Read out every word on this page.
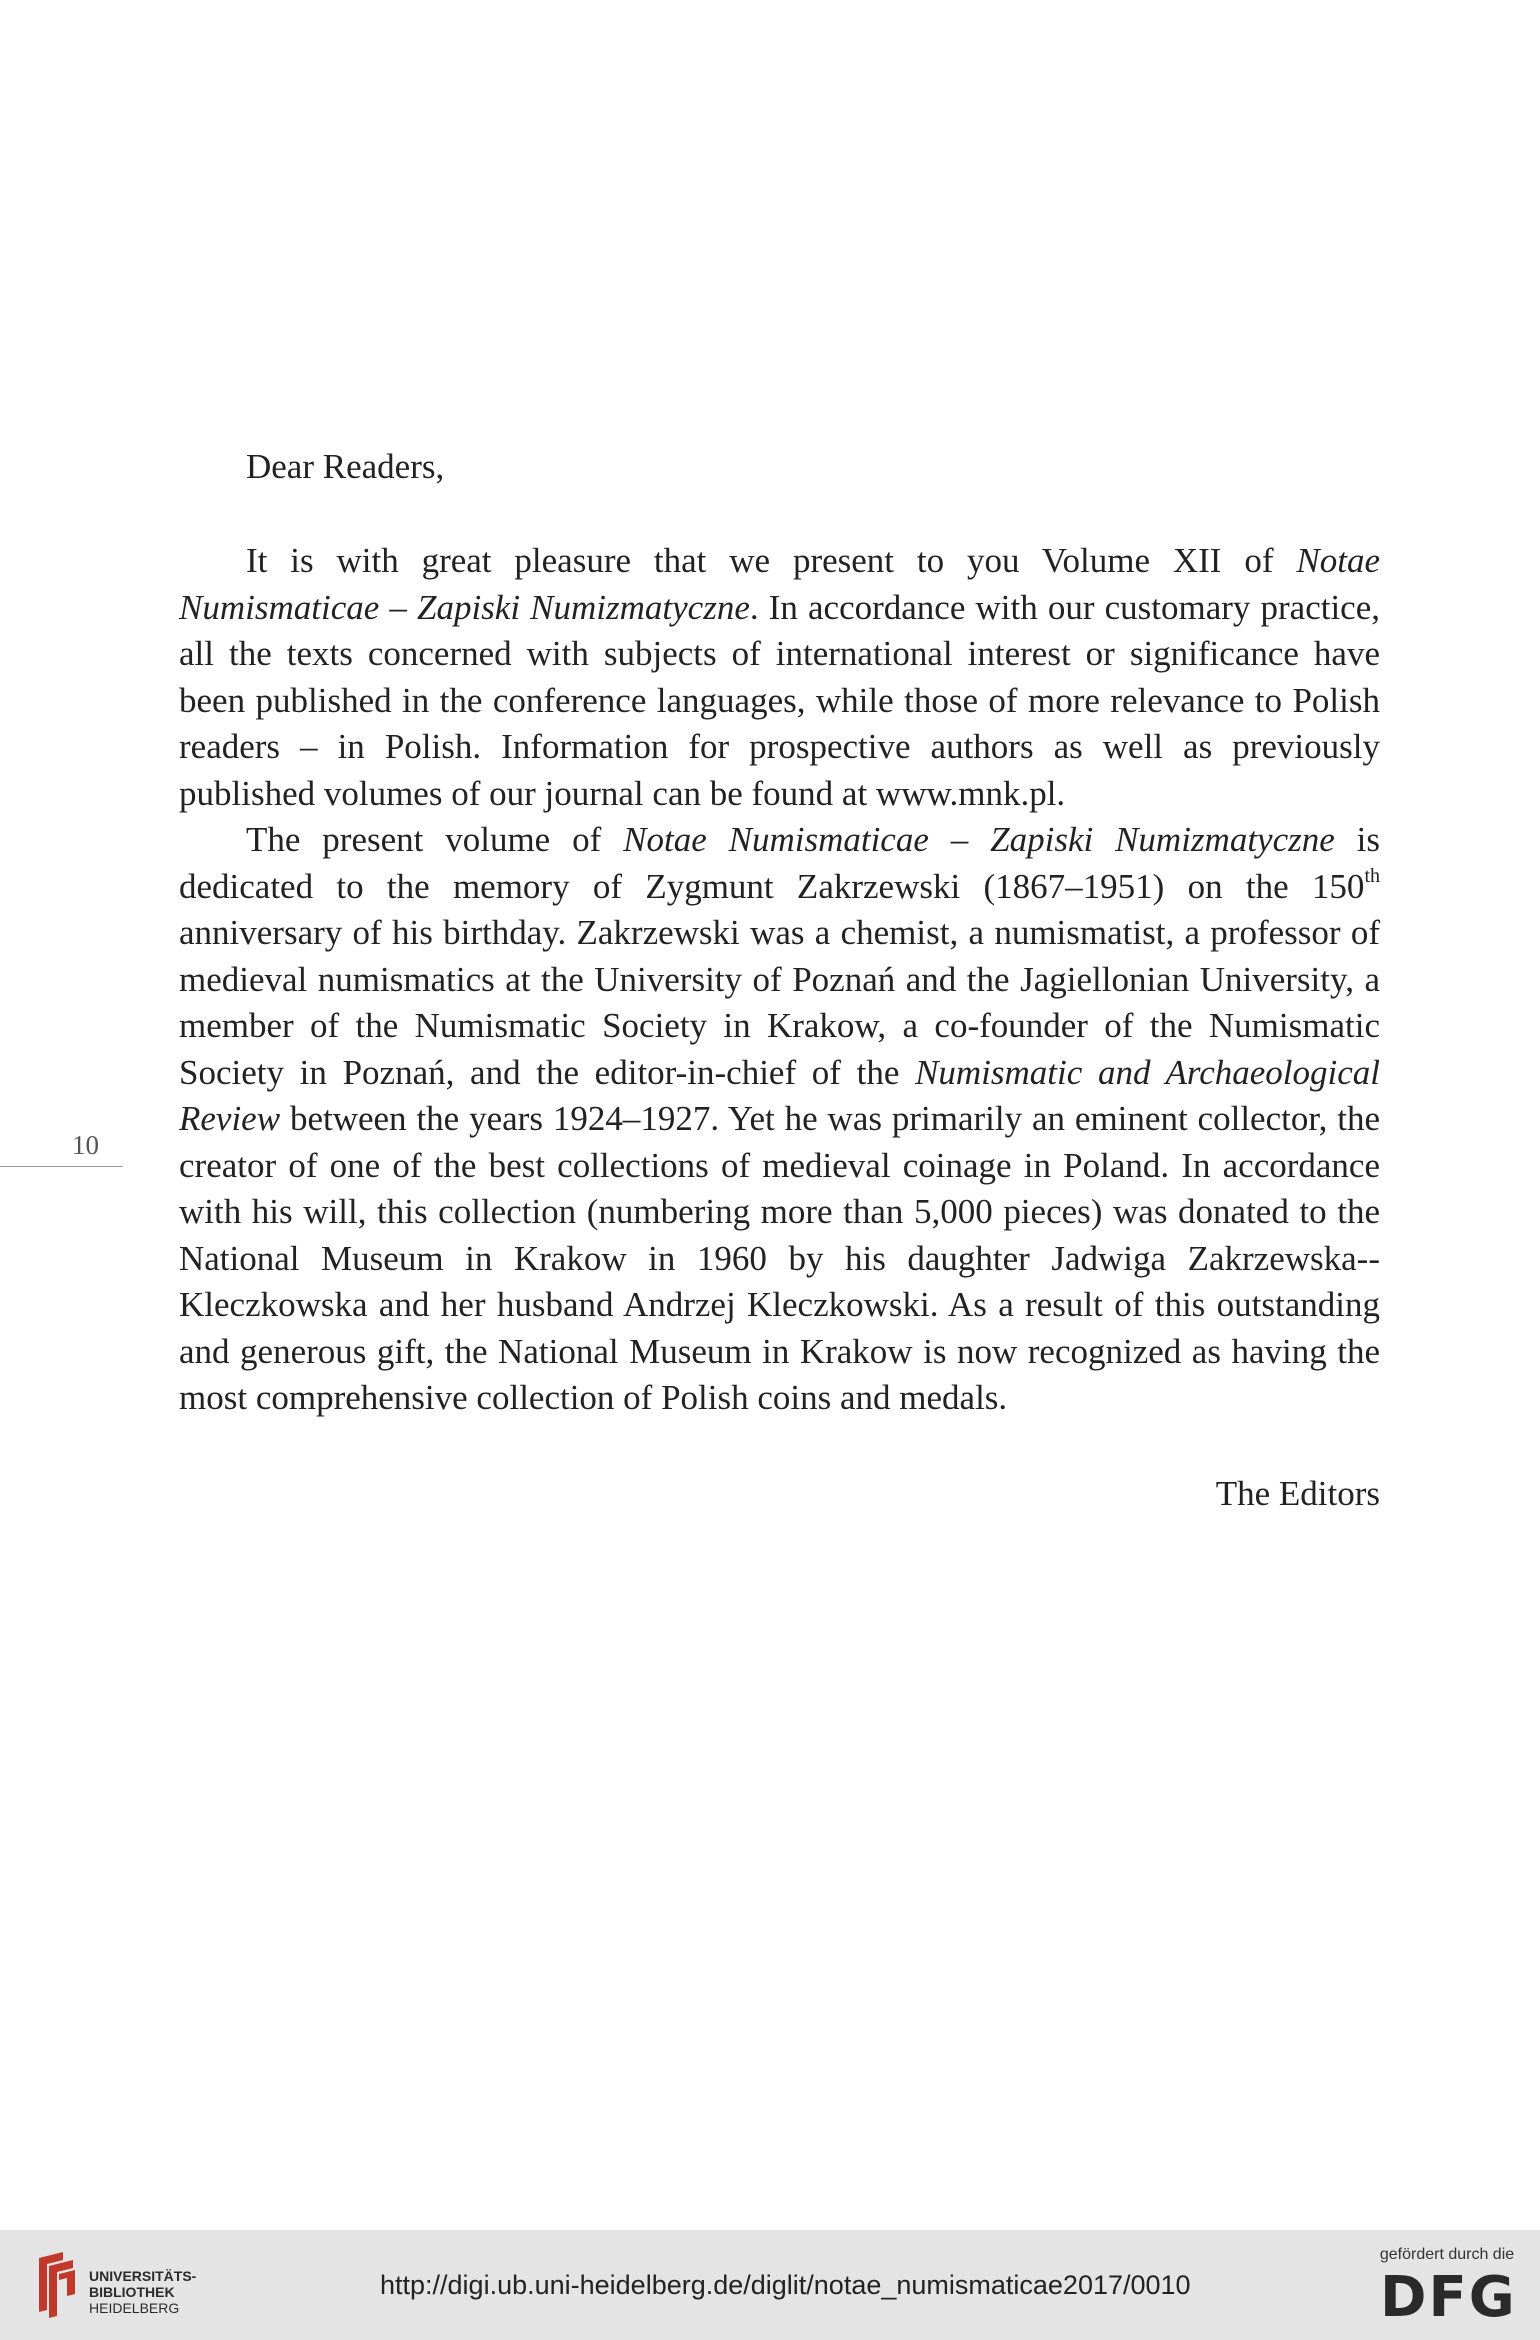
Dear Readers,

It is with great pleasure that we present to you Volume XII of Notae Numismaticae – Zapiski Numizmatyczne. In accordance with our customary practice, all the texts concerned with subjects of international interest or significance have been published in the conference languages, while those of more relevance to Polish readers – in Polish. Information for prospective authors as well as previously published volumes of our journal can be found at www.mnk.pl.

The present volume of Notae Numismaticae – Zapiski Numizmatyczne is dedicated to the memory of Zygmunt Zakrzewski (1867–1951) on the 150th anniversary of his birthday. Zakrzewski was a chemist, a numismatist, a professor of medieval numismatics at the University of Poznań and the Jagiellonian University, a member of the Numismatic Society in Krakow, a co-founder of the Numismatic Society in Poznań, and the editor-in-chief of the Numismatic and Archaeological Review between the years 1924–1927. Yet he was primarily an eminent collector, the creator of one of the best collections of medieval coinage in Poland. In accordance with his will, this collection (numbering more than 5,000 pieces) was donated to the National Museum in Krakow in 1960 by his daughter Jadwiga Zakrzewska-Kleczkowska and her husband Andrzej Kleczkowski. As a result of this outstanding and generous gift, the National Museum in Krakow is now recognized as having the most comprehensive collection of Polish coins and medals.

The Editors

10

UNIVERSITÄTS-
BIBLIOTHEK
HEIDELBERG
http://digi.ub.uni-heidelberg.de/diglit/notae_numismaticae2017/0010
gefördert durch die
DFG
